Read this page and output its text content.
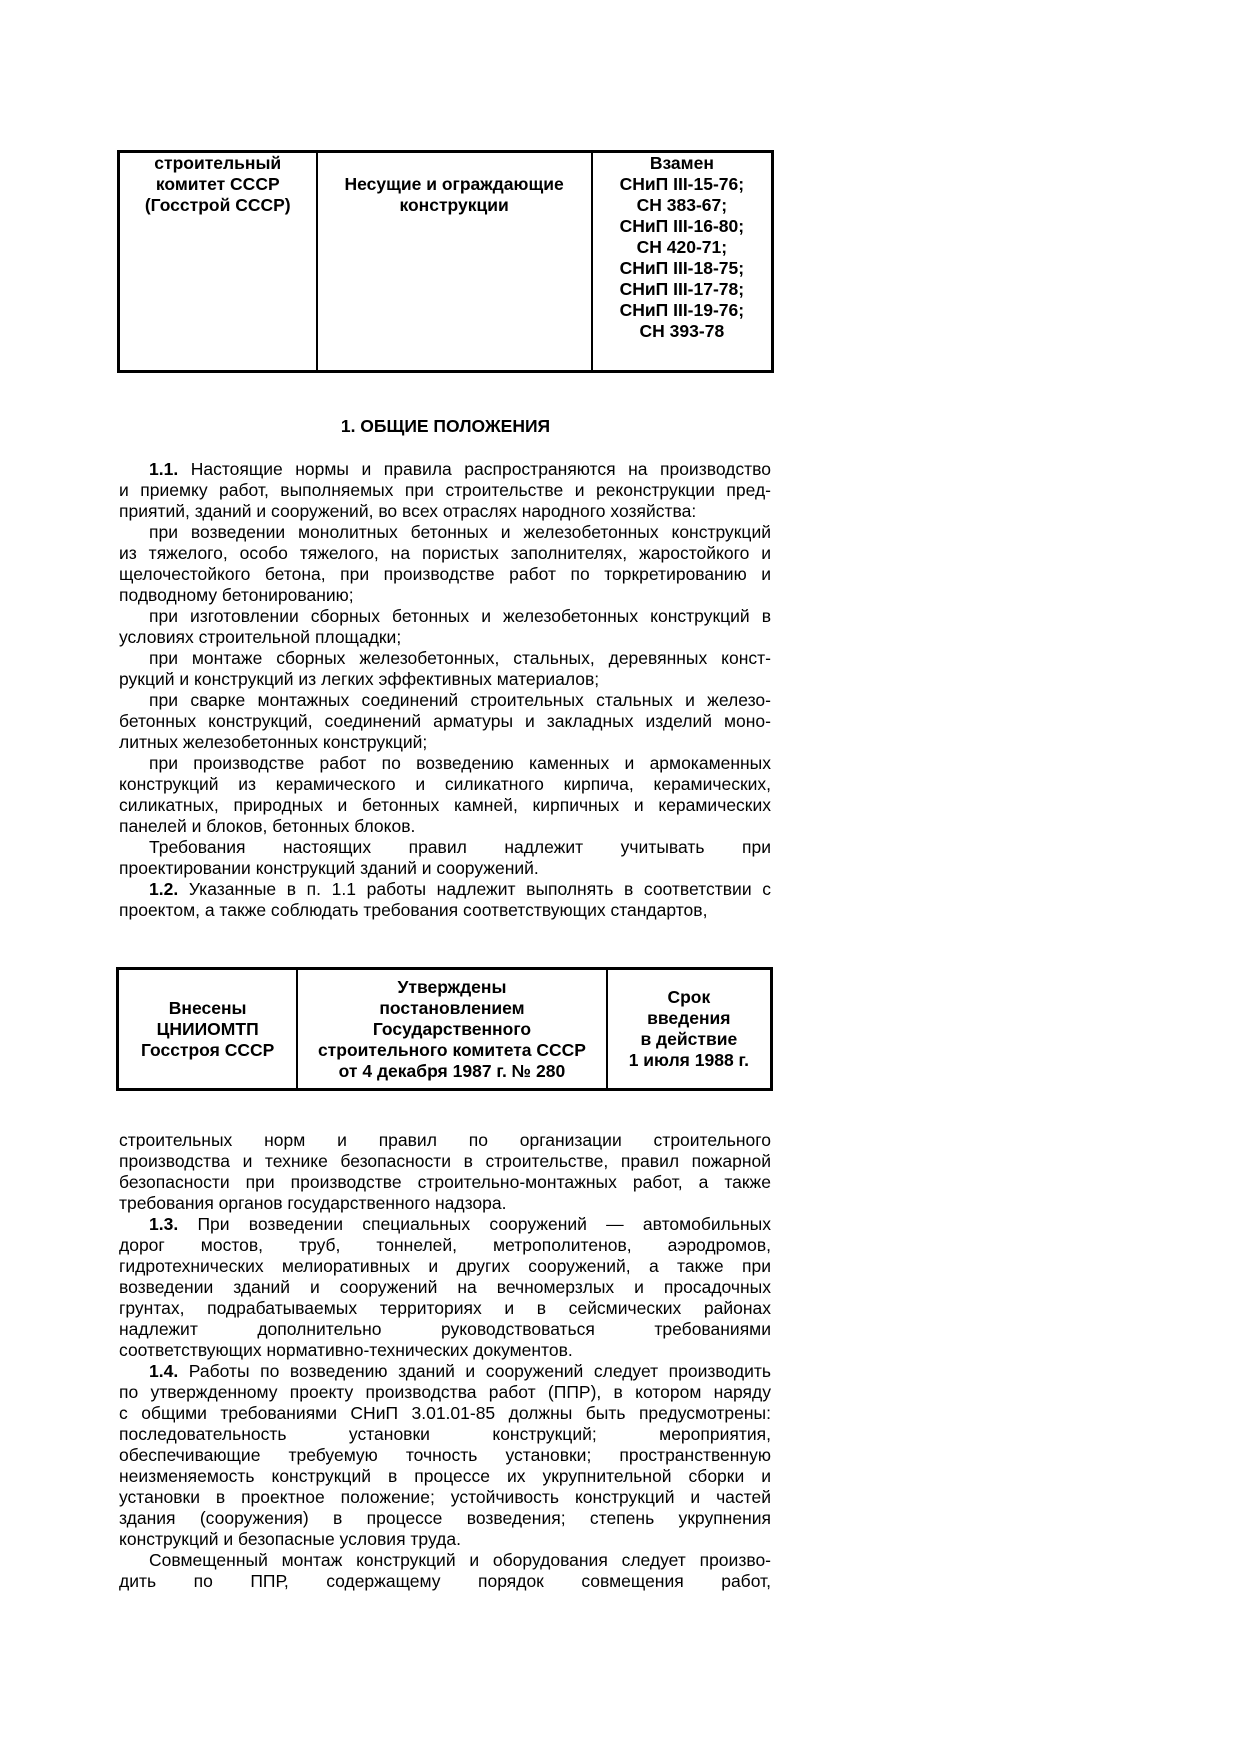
строительный
комитет СССР
(Госстрой СССР)

Несущие и ограждающие
конструкции

Взамен
СНиП III-15-76;
СН 383-67;
СНиП III-16-80;
СН 420-71;
СНиП III-18-75;
СНиП III-17-78;
СНиП III-19-76;
СН 393-78
1. ОБЩИЕ ПОЛОЖЕНИЯ
1.1. Настоящие нормы и правила распространяются на производство
и приемку работ, выполняемых при строительстве и реконструкции пред-
приятий, зданий и сооружений, во всех отраслях народного хозяйства:
при возведении монолитных бетонных и железобетонных конструкций
из тяжелого, особо тяжелого, на пористых заполнителях, жаростойкого и
щелочестойкого бетона, при производстве работ по торкретированию и
подводному бетонированию;
при изготовлении сборных бетонных и железобетонных конструкций в
условиях строительной площадки;
при монтаже сборных железобетонных, стальных, деревянных конст-
рукций и конструкций из легких эффективных материалов;
при сварке монтажных соединений строительных стальных и железо-
бетонных конструкций, соединений арматуры и закладных изделий моно-
литных железобетонных конструкций;
при производстве работ по возведению каменных и армокаменных
конструкций из керамического и силикатного кирпича, керамических,
силикатных, природных и бетонных камней, кирпичных и керамических
панелей и блоков, бетонных блоков.
Требования настоящих правил надлежит учитывать при
проектировании конструкций зданий и сооружений.
1.2. Указанные в п. 1.1 работы надлежит выполнять в соответствии с
проектом, а также соблюдать требования соответствующих стандартов,
Внесены
ЦНИИОМТП
Госстроя СССР

Утверждены
постановлением
Государственного
строительного комитета СССР
от 4 декабря 1987 г. № 280

Срок
введения
в действие
1 июля 1988 г.
строительных норм и правил по организации строительного
производства и технике безопасности в строительстве, правил пожарной
безопасности при производстве строительно-монтажных работ, а также
требования органов государственного надзора.
1.3. При возведении специальных сооружений — автомобильных
дорог мостов, труб, тоннелей, метрополитенов, аэродромов,
гидротехнических мелиоративных и других сооружений, а также при
возведении зданий и сооружений на вечномерзлых и просадочных
грунтах, подрабатываемых территориях и в сейсмических районах
надлежит дополнительно руководствоваться требованиями
соответствующих нормативно-технических документов.
1.4. Работы по возведению зданий и сооружений следует производить
по утвержденному проекту производства работ (ППР), в котором наряду
с общими требованиями СНиП 3.01.01-85 должны быть предусмотрены:
последовательность установки конструкций; мероприятия,
обеспечивающие требуемую точность установки; пространственную
неизменяемость конструкций в процессе их укрупнительной сборки и
установки в проектное положение; устойчивость конструкций и частей
здания (сооружения) в процессе возведения; степень укрупнения
конструкций и безопасные условия труда.
Совмещенный монтаж конструкций и оборудования следует произво-
дить по ППР, содержащему порядок совмещения работ,
